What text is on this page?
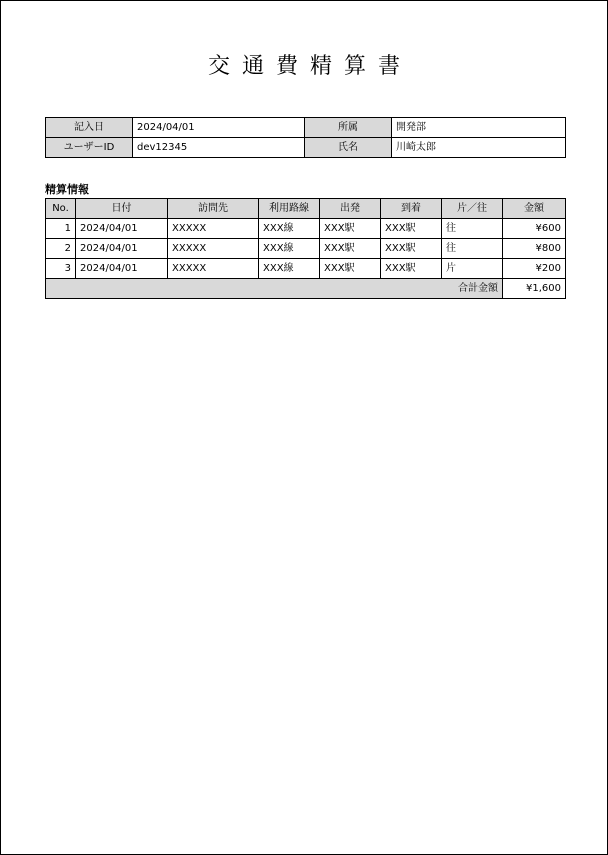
交通費精算書
記入日	2024/04/01	所属	開発部
ユーザーID	dev12345	氏名	川崎太郎
精算情報
No.	日付	訪問先	利用路線	出発	到着	片／往	金額
1	2024/04/01	XXXXX	XXX線	XXX駅	XXX駅	往	¥600
2	2024/04/01	XXXXX	XXX線	XXX駅	XXX駅	往	¥800
3	2024/04/01	XXXXX	XXX線	XXX駅	XXX駅	片	¥200
合計金額							¥1,600
